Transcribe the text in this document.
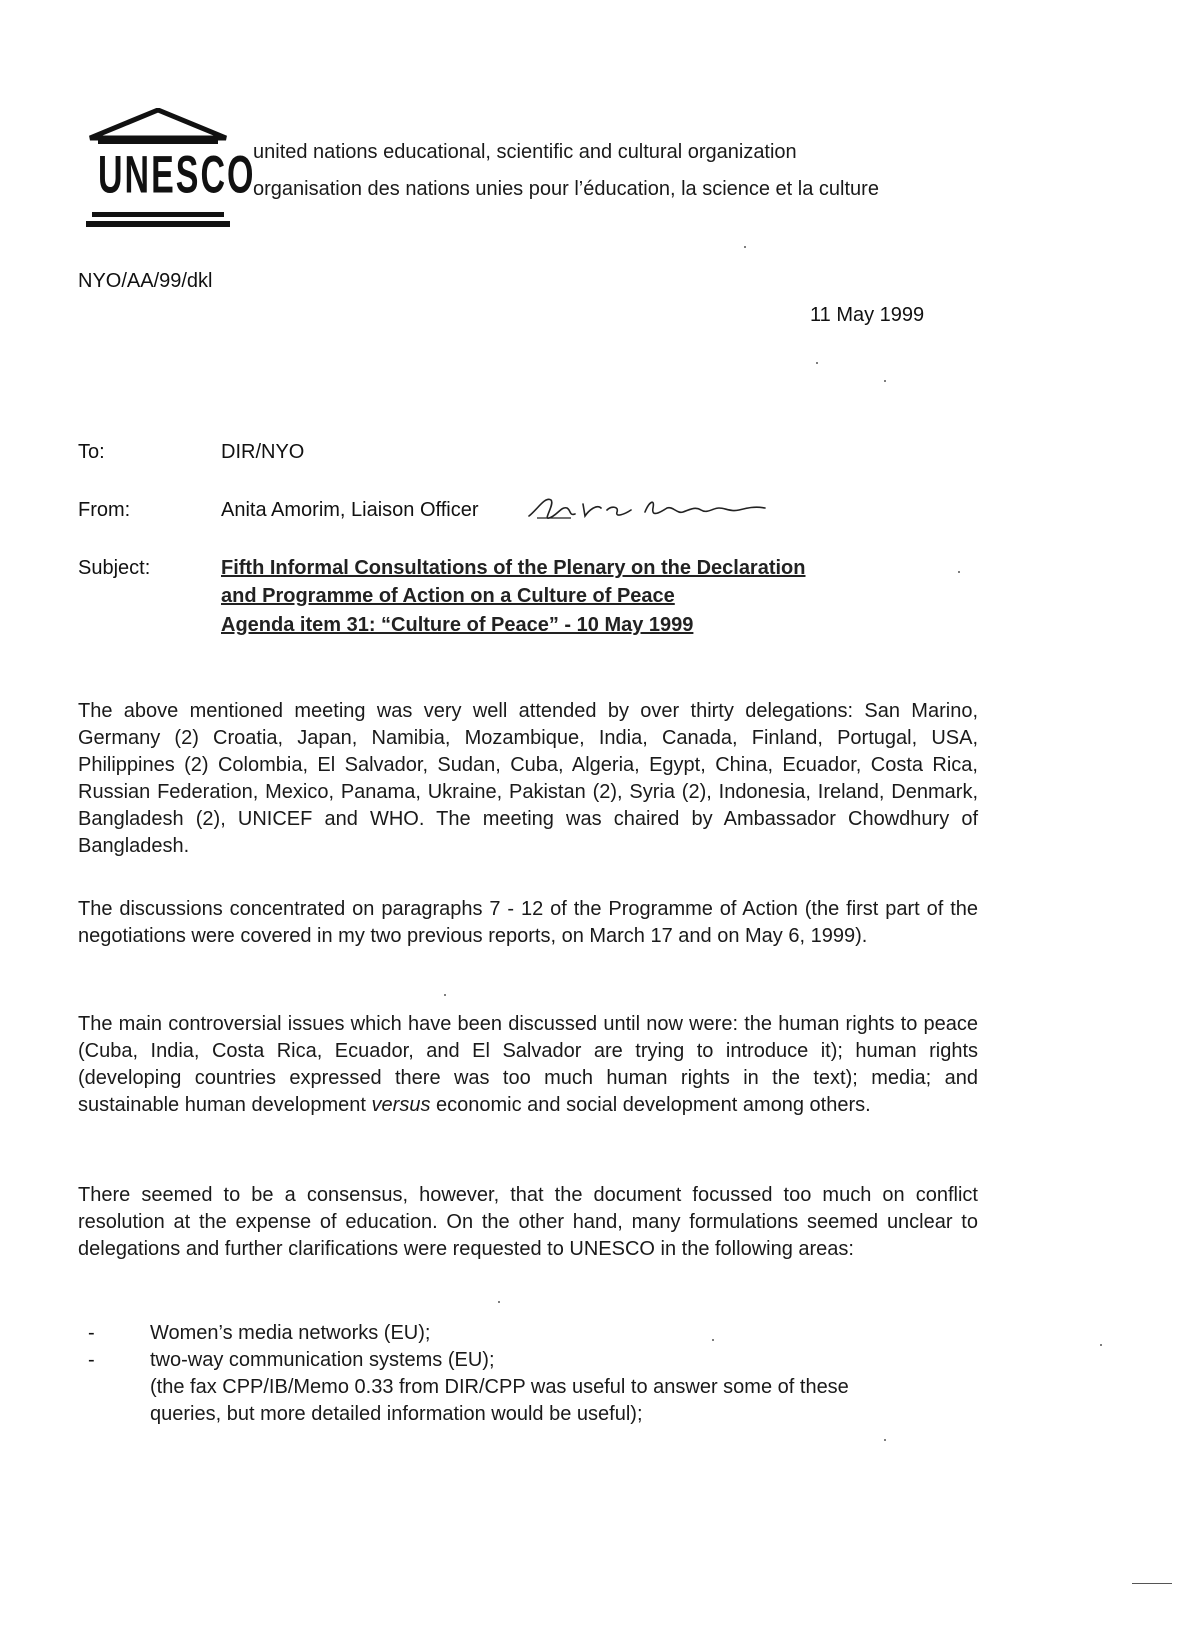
UNESCO
united nations educational, scientific and cultural organization
organisation des nations unies pour l’éducation, la science et la culture
NYO/AA/99/dkl
11 May 1999
To:	DIR/NYO
From:	Anita Amorim, Liaison Officer
Subject:	Fifth Informal Consultations of the Plenary on the Declaration
and Programme of Action on a Culture of Peace
Agenda item 31: “Culture of Peace” - 10 May 1999
The above mentioned meeting was very well attended by over thirty delegations: San Marino, Germany (2) Croatia, Japan, Namibia, Mozambique, India, Canada, Finland, Portugal, USA, Philippines (2) Colombia, El Salvador, Sudan, Cuba, Algeria, Egypt, China, Ecuador, Costa Rica, Russian Federation, Mexico, Panama, Ukraine, Pakistan (2), Syria (2), Indonesia, Ireland, Denmark, Bangladesh (2), UNICEF and WHO. The meeting was chaired by Ambassador Chowdhury of Bangladesh.
The discussions concentrated on paragraphs 7 - 12 of the Programme of Action (the first part of the negotiations were covered in my two previous reports, on March 17 and on May 6, 1999).
The main controversial issues which have been discussed until now were: the human rights to peace (Cuba, India, Costa Rica, Ecuador, and El Salvador are trying to introduce it); human rights (developing countries expressed there was too much human rights in the text); media; and sustainable human development versus economic and social development among others.
There seemed to be a consensus, however, that the document focussed too much on conflict resolution at the expense of education. On the other hand, many formulations seemed unclear to delegations and further clarifications were requested to UNESCO in the following areas:
-	Women’s media networks (EU);
-	two-way communication systems (EU);
(the fax CPP/IB/Memo 0.33 from DIR/CPP was useful to answer some of these
queries, but more detailed information would be useful);
